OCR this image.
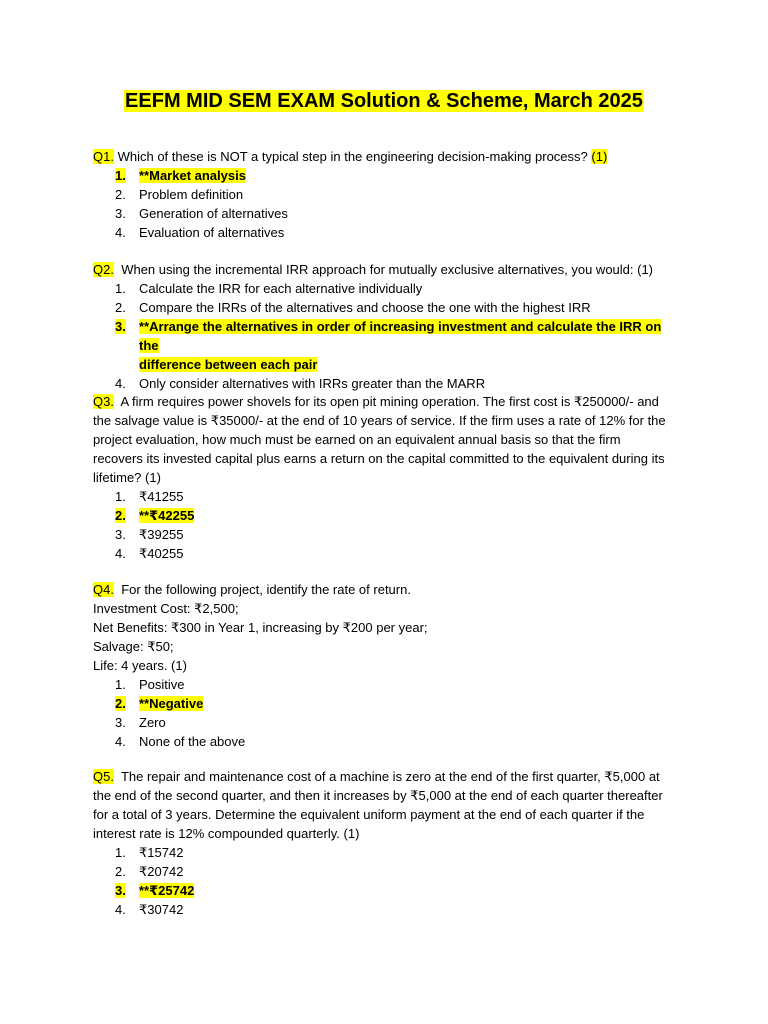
EEFM MID SEM EXAM Solution & Scheme, March 2025
Q1. Which of these is NOT a typical step in the engineering decision-making process? (1)
1. **Market analysis
2. Problem definition
3. Generation of alternatives
4. Evaluation of alternatives
Q2. When using the incremental IRR approach for mutually exclusive alternatives, you would: (1)
1. Calculate the IRR for each alternative individually
2. Compare the IRRs of the alternatives and choose the one with the highest IRR
3. **Arrange the alternatives in order of increasing investment and calculate the IRR on the
difference between each pair
4. Only consider alternatives with IRRs greater than the MARR
Q3. A firm requires power shovels for its open pit mining operation. The first cost is ₹250000/- and
the salvage value is ₹35000/- at the end of 10 years of service. If the firm uses a rate of 12% for the
project evaluation, how much must be earned on an equivalent annual basis so that the firm
recovers its invested capital plus earns a return on the capital committed to the equivalent during its
lifetime? (1)
1. ₹41255
2. **₹42255
3. ₹39255
4. ₹40255
Q4. For the following project, identify the rate of return.
Investment Cost: ₹2,500;
Net Benefits: ₹300 in Year 1, increasing by ₹200 per year;
Salvage: ₹50;
Life: 4 years. (1)
1. Positive
2. **Negative
3. Zero
4. None of the above
Q5. The repair and maintenance cost of a machine is zero at the end of the first quarter, ₹5,000 at
the end of the second quarter, and then it increases by ₹5,000 at the end of each quarter thereafter
for a total of 3 years. Determine the equivalent uniform payment at the end of each quarter if the
interest rate is 12% compounded quarterly. (1)
1. ₹15742
2. ₹20742
3. **₹25742
4. ₹30742
